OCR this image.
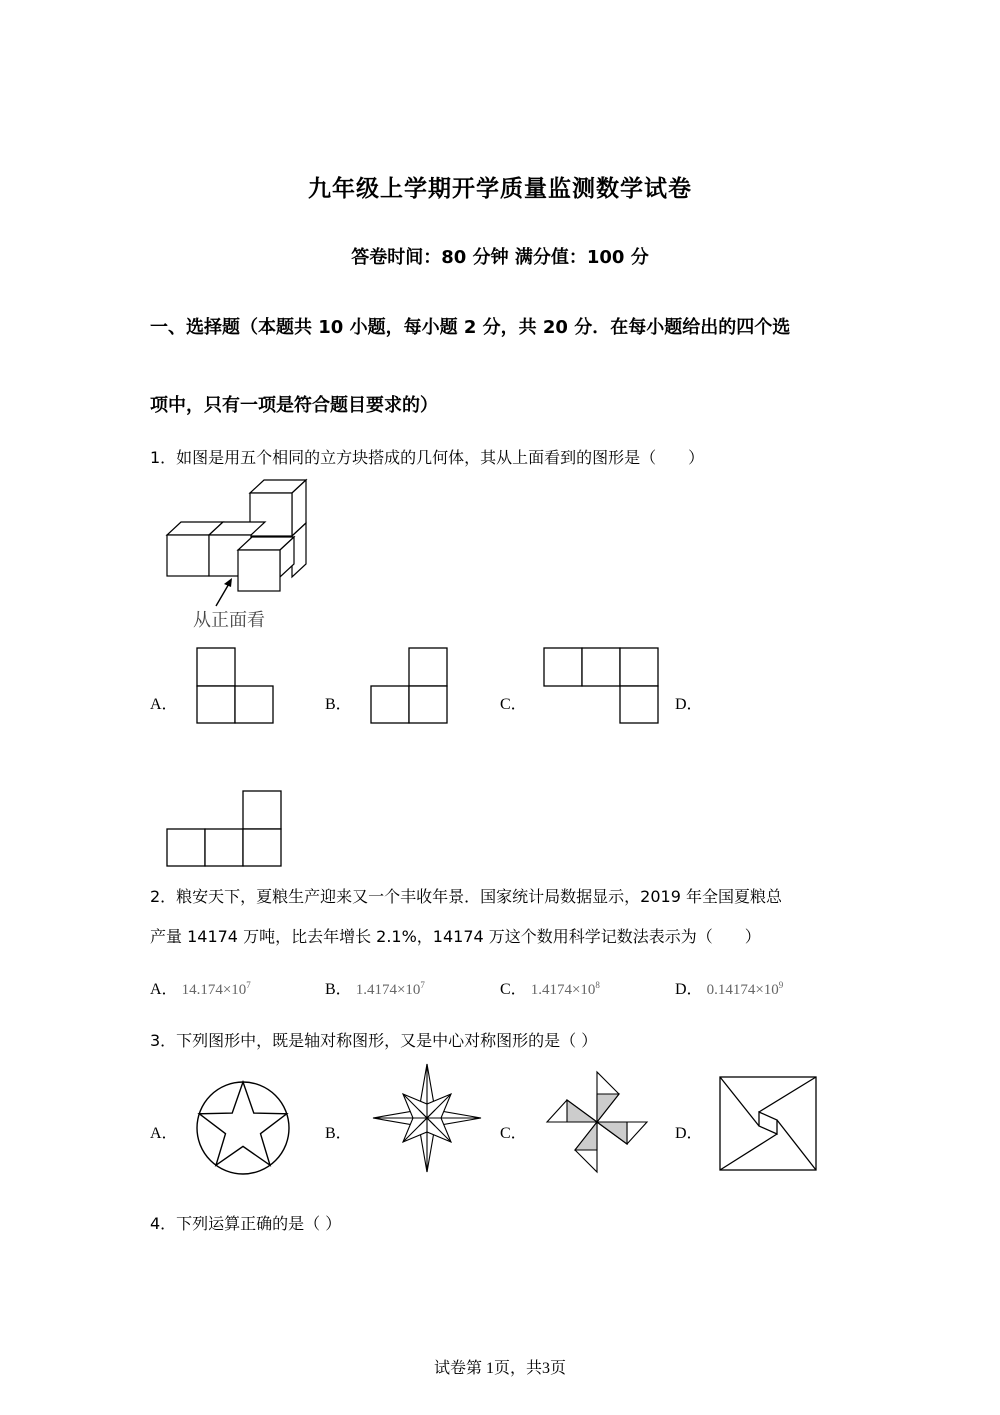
九年级上学期开学质量监测数学试卷
答卷时间：80 分钟 满分值：100 分
一、选择题（本题共 10 小题，每小题 2 分，共 20 分．在每小题给出的四个选
项中，只有一项是符合题目要求的）
1．如图是用五个相同的立方块搭成的几何体，其从上面看到的图形是（　　）
从正面看
A．	B．	C．	D．
2．粮安天下，夏粮生产迎来又一个丰收年景．国家统计局数据显示，2019 年全国夏粮总
产量 14174 万吨，比去年增长 2.1%，14174 万这个数用科学记数法表示为（　　）
A． $14.174\times 10^7$	B． $1.4174\times 10^7$	C． $1.4174\times 10^8$	D． $0.14174\times 10^9$
3．下列图形中，既是轴对称图形，又是中心对称图形的是（ ）
A．	B．	C．	D．
4．下列运算正确的是（ ）
试卷第 1页，共3页
